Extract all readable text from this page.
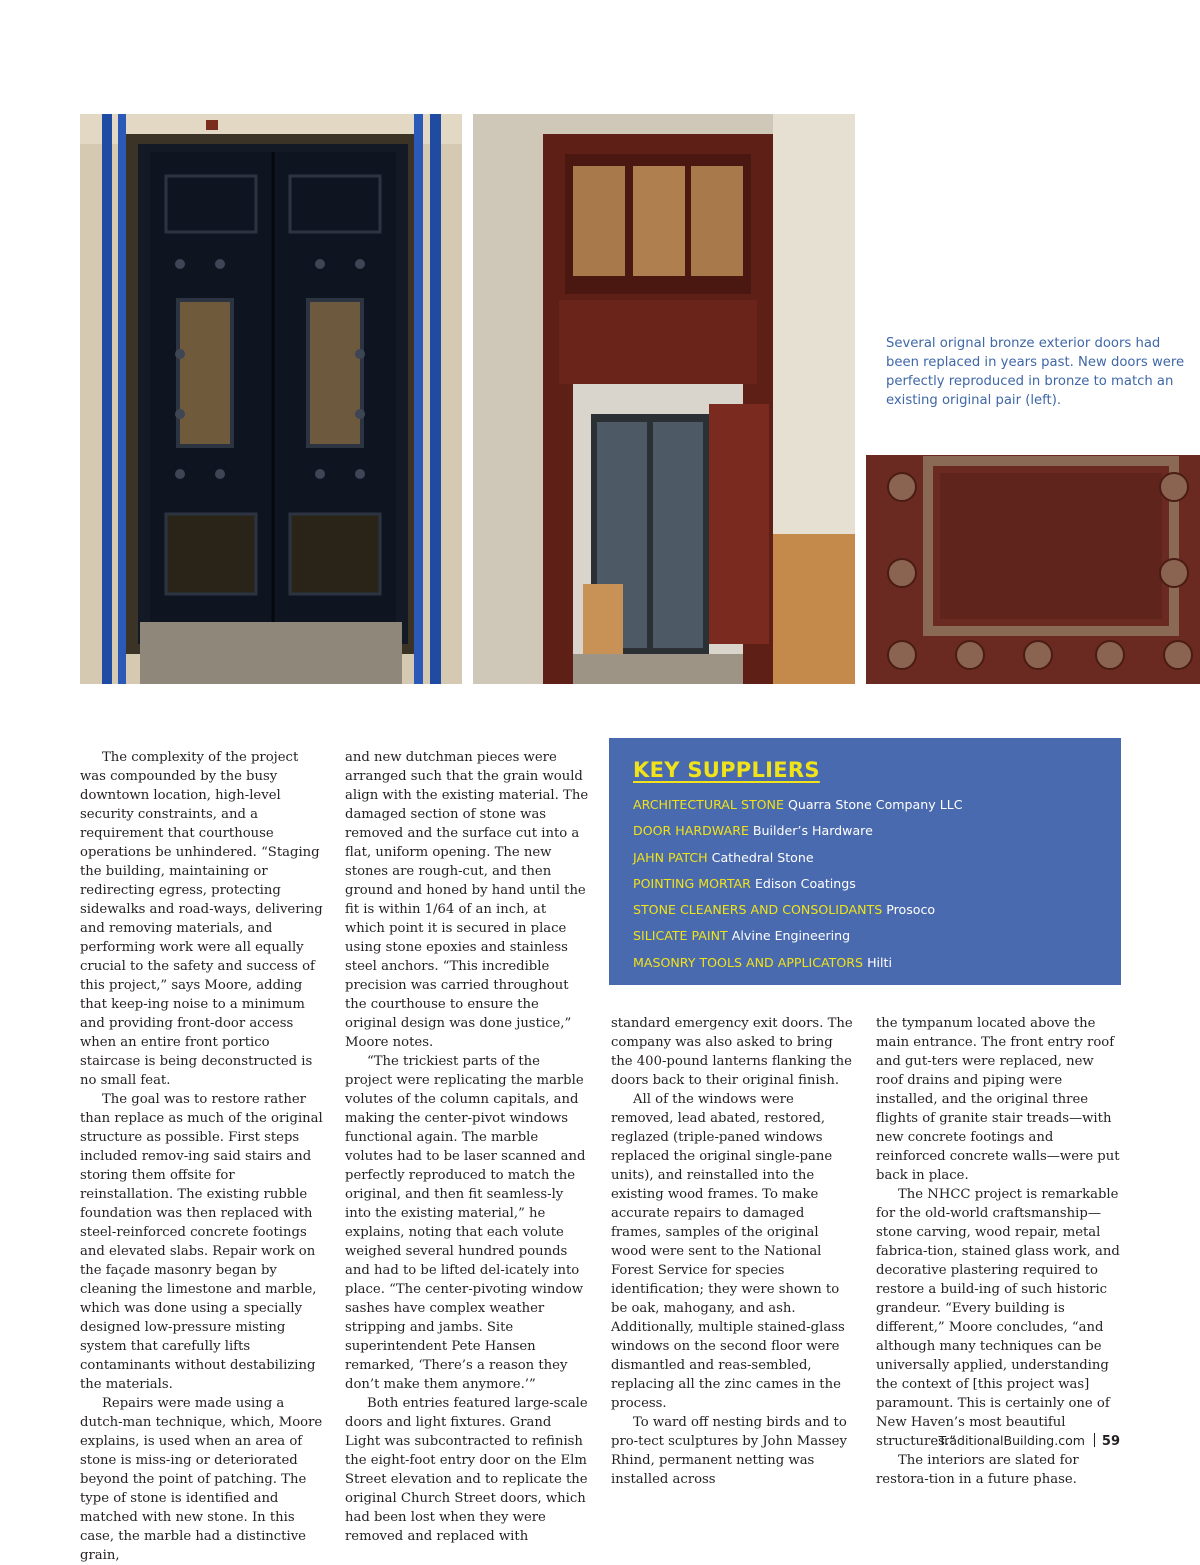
Several orignal bronze exterior doors had been replaced in years past. New doors were perfectly reproduced in bronze to match an existing original pair (left).

The complexity of the project was compounded by the busy downtown location, high-level security constraints, and a requirement that courthouse operations be unhindered. “Staging the building, maintaining or redirecting egress, protecting sidewalks and road-ways, delivering and removing materials, and performing work were all equally crucial to the safety and success of this project,” says Moore, adding that keep-ing noise to a minimum and providing front-door access when an entire front portico staircase is being deconstructed is no small feat.

The goal was to restore rather than replace as much of the original structure as possible. First steps included remov-ing said stairs and storing them offsite for reinstallation. The existing rubble foundation was then replaced with steel-reinforced concrete footings and elevated slabs. Repair work on the façade masonry began by cleaning the limestone and marble, which was done using a specially designed low-pressure misting system that carefully lifts contaminants without destabilizing the materials.

Repairs were made using a dutch-man technique, which, Moore explains, is used when an area of stone is miss-ing or deteriorated beyond the point of patching. The type of stone is identified and matched with new stone. In this case, the marble had a distinctive grain,

and new dutchman pieces were arranged such that the grain would align with the existing material. The damaged section of stone was removed and the surface cut into a flat, uniform opening. The new stones are rough-cut, and then ground and honed by hand until the fit is within 1/64 of an inch, at which point it is secured in place using stone epoxies and stainless steel anchors. “This incredible precision was carried throughout the courthouse to ensure the original design was done justice,” Moore notes.

“The trickiest parts of the project were replicating the marble volutes of the column capitals, and making the center-pivot windows functional again. The marble volutes had to be laser scanned and perfectly reproduced to match the original, and then fit seamless-ly into the existing material,” he explains, noting that each volute weighed several hundred pounds and had to be lifted del-icately into place. “The center-pivoting window sashes have complex weather stripping and jambs. Site superintendent Pete Hansen remarked, ‘There’s a reason they don’t make them anymore.’”

Both entries featured large-scale doors and light fixtures. Grand Light was subcontracted to refinish the eight-foot entry door on the Elm Street elevation and to replicate the original Church Street doors, which had been lost when they were removed and replaced with

KEY SUPPLIERS
ARCHITECTURAL STONE Quarra Stone Company LLC
DOOR HARDWARE Builder’s Hardware
JAHN PATCH Cathedral Stone
POINTING MORTAR Edison Coatings
STONE CLEANERS AND CONSOLIDANTS Prosoco
SILICATE PAINT Alvine Engineering
MASONRY TOOLS AND APPLICATORS Hilti

standard emergency exit doors. The company was also asked to bring the 400-pound lanterns flanking the doors back to their original finish.

All of the windows were removed, lead abated, restored, reglazed (triple-paned windows replaced the original single-pane units), and reinstalled into the existing wood frames. To make accurate repairs to damaged frames, samples of the original wood were sent to the National Forest Service for species identification; they were shown to be oak, mahogany, and ash. Additionally, multiple stained-glass windows on the second floor were dismantled and reas-sembled, replacing all the zinc cames in the process.

To ward off nesting birds and to pro-tect sculptures by John Massey Rhind, permanent netting was installed across

the tympanum located above the main entrance. The front entry roof and gut-ters were replaced, new roof drains and piping were installed, and the original three flights of granite stair treads—with new concrete footings and reinforced concrete walls—were put back in place.

The NHCC project is remarkable for the old-world craftsmanship—stone carving, wood repair, metal fabrica-tion, stained glass work, and decorative plastering required to restore a build-ing of such historic grandeur. “Every building is different,” Moore concludes, “and although many techniques can be universally applied, understanding the context of [this project was] paramount. This is certainly one of New Haven’s most beautiful structures.”

The interiors are slated for restora-tion in a future phase.

TraditionalBuilding.com 59
